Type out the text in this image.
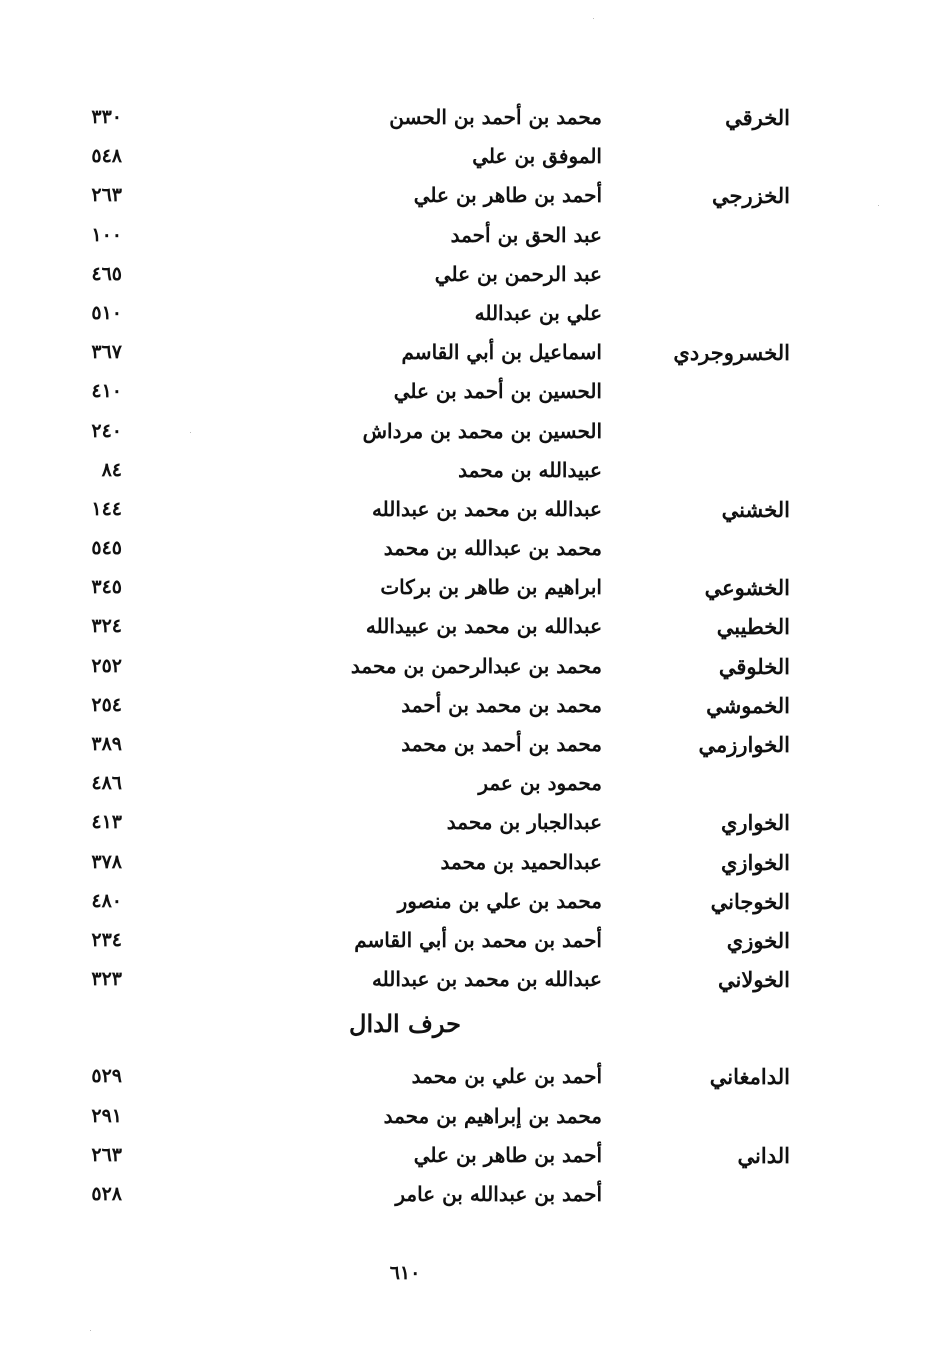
الخرقي
محمد بن أحمد بن الحسن
٣٣٠
الموفق بن علي
٥٤٨
الخزرجي
أحمد بن طاهر بن علي
٢٦٣
عبد الحق بن أحمد
١٠٠
عبد الرحمن بن علي
٤٦٥
علي بن عبدالله
٥١٠
الخسروجردي
اسماعيل بن أبي القاسم
٣٦٧
الحسين بن أحمد بن علي
٤١٠
الحسين بن محمد بن مرداش
٢٤٠
عبيدالله بن محمد
٨٤
الخشني
عبدالله بن محمد بن عبدالله
١٤٤
محمد بن عبدالله بن محمد
٥٤٥
الخشوعي
ابراهيم بن طاهر بن بركات
٣٤٥
الخطيبي
عبدالله بن محمد بن عبيدالله
٣٢٤
الخلوقي
محمد بن عبدالرحمن بن محمد
٢٥٢
الخموشي
محمد بن محمد بن أحمد
٢٥٤
الخوارزمي
محمد بن أحمد بن محمد
٣٨٩
محمود بن عمر
٤٨٦
الخواري
عبدالجبار بن محمد
٤١٣
الخوازي
عبدالحميد بن محمد
٣٧٨
الخوجاني
محمد بن علي بن منصور
٤٨٠
الخوزي
أحمد بن محمد بن أبي القاسم
٢٣٤
الخولاني
عبدالله بن محمد بن عبدالله
٣٢٣
حرف الدال
الدامغاني
أحمد بن علي بن محمد
٥٢٩
محمد بن إبراهيم بن محمد
٢٩١
الداني
أحمد بن طاهر بن علي
٢٦٣
أحمد بن عبدالله بن عامر
٥٢٨
٦١٠
